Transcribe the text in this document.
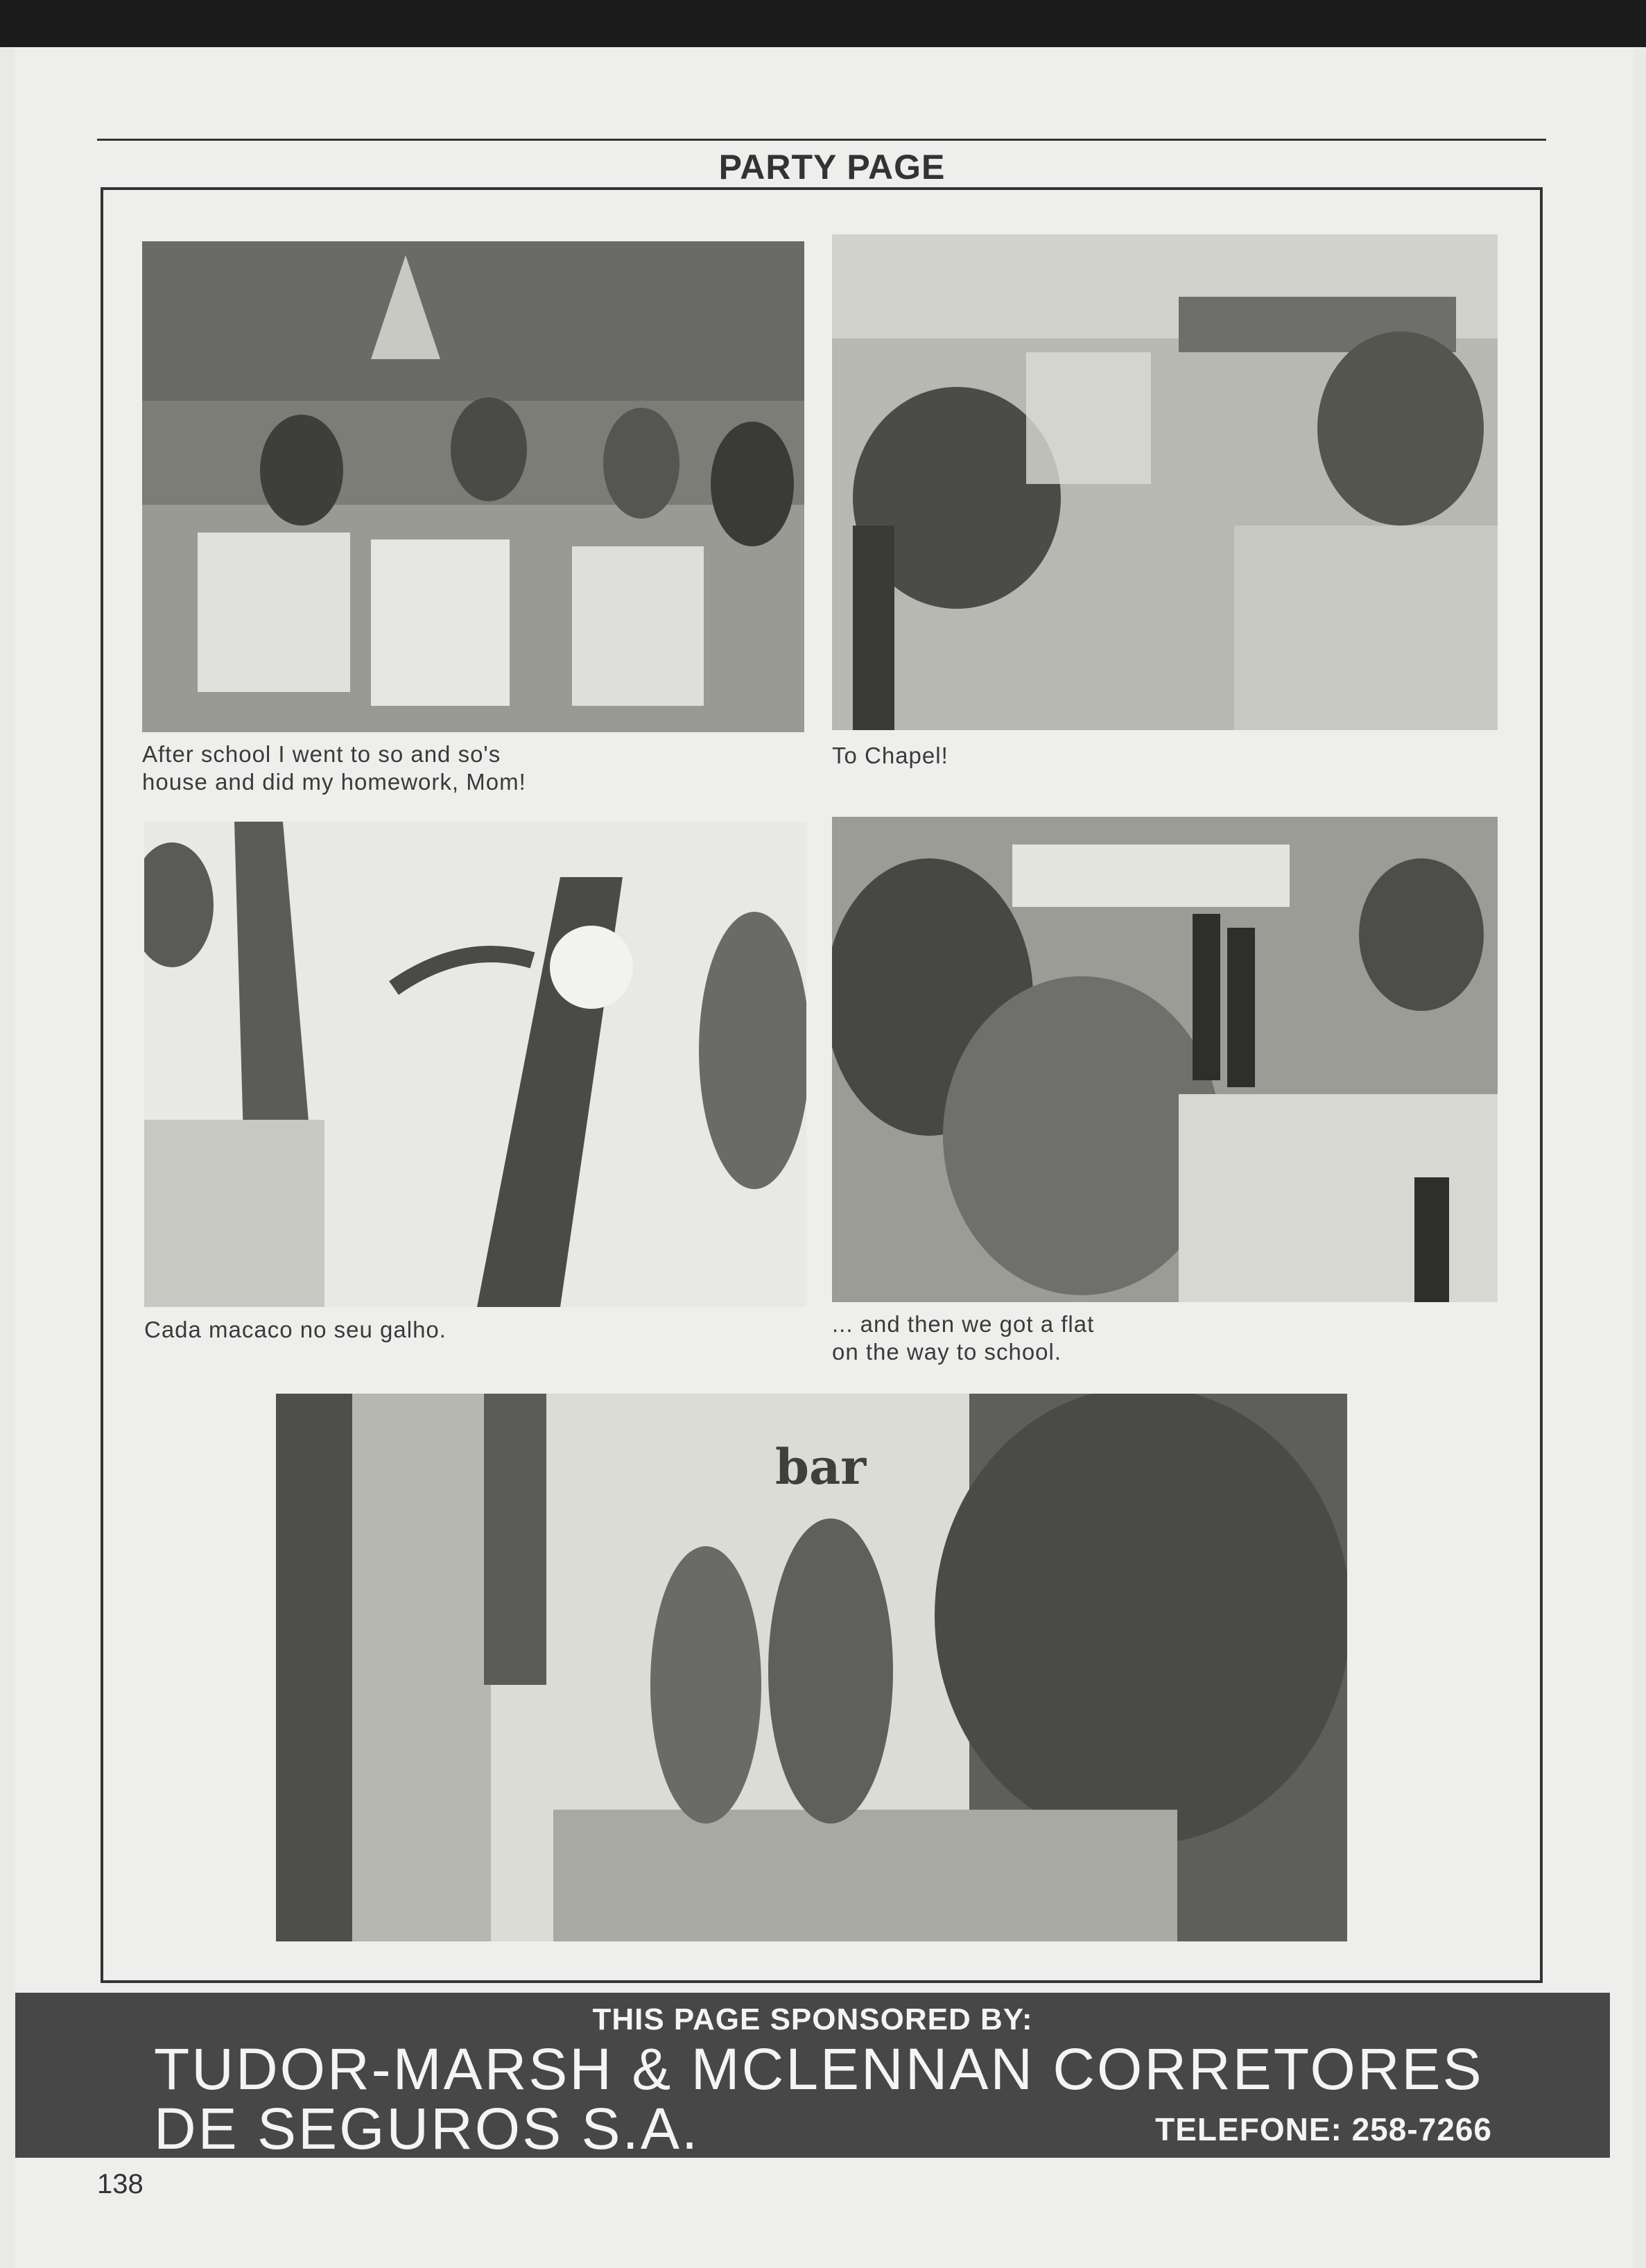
PARTY PAGE
After school I went to so and so's
house and did my homework, Mom!
To Chapel!
Cada macaco no seu galho.	... and then we got a flat
on the way to school.
bar
THIS PAGE SPONSORED BY:
TUDOR-MARSH & MCLENNAN CORRETORES
DE SEGUROS S.A.	TELEFONE: 258-7266
138
